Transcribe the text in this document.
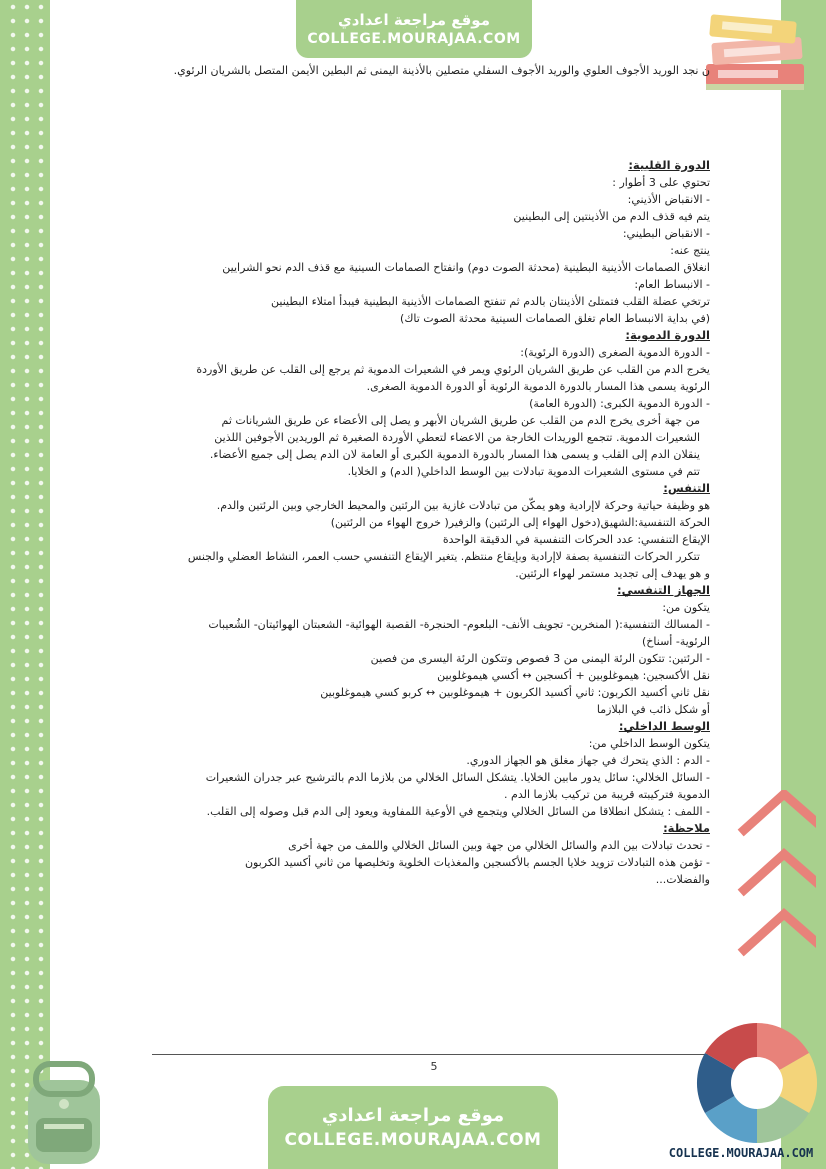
موقع مراجعة اعدادي
COLLEGE.MOURAJAA.COM

ن نجد الوريد الأجوف العلوي والوريد الأجوف السفلي متصلين بالأذينة اليمنى ثم البطين الأيمن المتصل بالشريان الرئوي.

الدورة القلبية:

تحتوي على 3 أطوار :

- الانقباض الأذيني:

يتم فيه قذف الدم من الأذينتين إلى البطينين

- الانقباض البطيني:

ينتج عنه:

انغلاق الصمامات الأذينية البطينية (محدثة الصوت دوم) وانفتاح الصمامات السينية مع قذف الدم نحو الشرايين

- الانبساط العام:

ترتخي عضلة القلب فتمتلئ الأذينتان بالدم ثم تنفتح الصمامات الأذينية البطينية فيبدأ امتلاء البطينين

(في بداية الانبساط العام تغلق الصمامات السينية محدثة الصوت تاك)

الدورة الدموية:

- الدورة الدموية الصغرى (الدورة الرئوية):

يخرج الدم من القلب عن طريق الشريان الرئوي ويمر في الشعيرات الدموية ثم يرجع إلى القلب عن طريق الأوردة

الرئوية يسمى هذا المسار بالدورة الدموية الرئوية أو الدورة الدموية الصغرى.

- الدورة الدموية الكبرى: (الدورة العامة)

من جهة أخرى يخرج الدم من القلب عن طريق الشريان الأبهر و يصل إلى الأعضاء عن طريق الشريانات ثم

الشعيرات الدموية. تتجمع الوريدات الخارجة من الاعضاء لتعطي الأوردة الصغيرة ثم الوريدين الأجوفين اللذين

ينقلان الدم إلى القلب و يسمى هذا المسار بالدورة الدموية الكبرى أو العامة لان الدم يصل إلى جميع الأعضاء.

تتم في مستوى الشعيرات الدموية تبادلات بين الوسط الداخلي( الدم) و الخلايا.

التنفس:

هو وظيفة حياتية وحركة لاإرادية وهو يمكّن من تبادلات غازية بين الرئتين والمحيط الخارجي وبين الرئتين والدم.

الحركة التنفسية:الشهيق(دخول الهواء إلى الرئتين) والزفير( خروج الهواء من الرئتين)

الإيقاع التنفسي: عدد الحركات التنفسية في الدقيقة الواحدة

تتكرر الحركات التنفسية بصفة لاإرادية وبإيقاع منتظم. يتغير الإيقاع التنفسي حسب العمر، النشاط العضلي والجنس

و هو يهدف إلى تجديد مستمر لهواء الرئتين.

الجهاز التنفسي:

يتكون من:

- المسالك التنفسية:( المنخرين- تجويف الأنف- البلعوم- الحنجرة- القصبة الهوائية- الشعبتان الهوائيتان- الشُعيبات

الرئوية- أسناخ)

- الرئتين: تتكون الرئة اليمنى من 3 فصوص وتتكون الرئة اليسرى من فصين

نقل الأكسجين: هيموغلوبين + أكسجين ↔ أكسي هيموغلوبين

نقل ثاني أكسيد الكربون: ثاني أكسيد الكربون + هيموغلوبين ↔ كربو كسي هيموغلوبين

أو شكل ذائب في البلازما

الوسط الداخلي:

يتكون الوسط الداخلي من:

- الدم : الذي يتحرك في جهاز مغلق هو الجهاز الدوري.

- السائل الخلالي: سائل يدور مابين الخلايا. يتشكل السائل الخلالي من بلازما الدم بالترشيح عبر جدران الشعيرات

الدموية فتركيبته قريبة من تركيب بلازما الدم .

- اللمف : يتشكل انطلاقا من السائل الخلالي ويتجمع في الأوعية اللمفاوية ويعود إلى الدم قبل وصوله إلى القلب.

ملاحظة:

- تحدث تبادلات بين الدم والسائل الخلالي من جهة وبين السائل الخلالي واللمف من جهة أخرى

- تؤمن هذه التبادلات تزويد خلايا الجسم بالأكسجين والمغذيات الخلوية وتخليصها من ثاني أكسيد الكربون

والفضلات...

5
موقع مراجعة اعدادي
COLLEGE.MOURAJAA.COM
COLLEGE.MOURAJAA.COM
